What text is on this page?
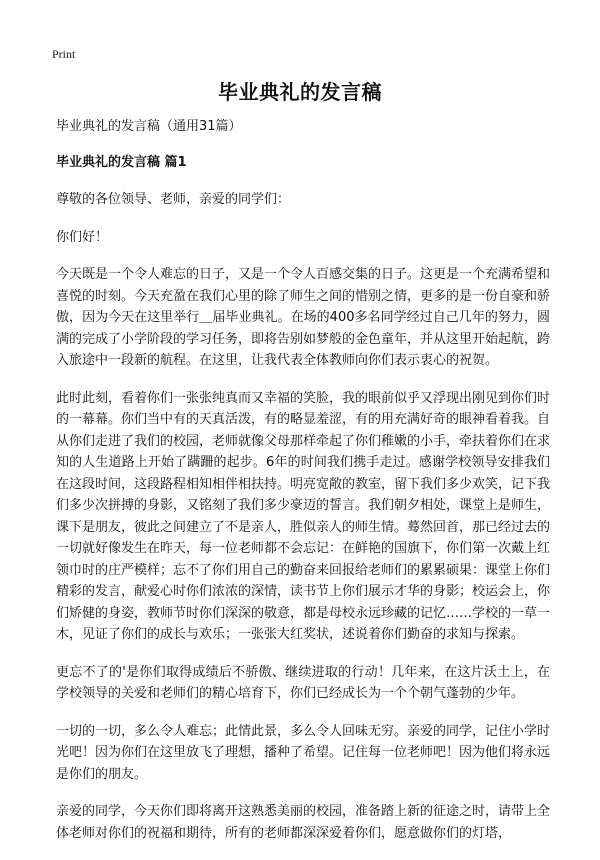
Print
毕业典礼的发言稿

毕业典礼的发言稿（通用31篇）

毕业典礼的发言稿 篇1

尊敬的各位领导、老师，亲爱的同学们：

你们好！

今天既是一个令人难忘的日子，又是一个令人百感交集的日子。这更是一个充满希望和喜悦的时刻。今天充盈在我们心里的除了师生之间的惜别之情，更多的是一份自豪和骄傲，因为今天在这里举行＿届毕业典礼。在场的400多名同学经过自己几年的努力，圆满的完成了小学阶段的学习任务，即将告别如梦般的金色童年，并从这里开始起航，跨入旅途中一段新的航程。在这里，让我代表全体教师向你们表示衷心的祝贺。

此时此刻，看着你们一张张纯真而又幸福的笑脸，我的眼前似乎又浮现出刚见到你们时的一幕幕。你们当中有的天真活泼，有的略显羞涩，有的用充满好奇的眼神看着我。自从你们走进了我们的校园，老师就像父母那样牵起了你们稚嫩的小手，牵扶着你们在求知的人生道路上开始了蹒跚的起步。6年的时间我们携手走过。感谢学校领导安排我们在这段时间，这段路程相知相伴相扶持。明亮宽敞的教室，留下我们多少欢笑，记下我们多少次拼搏的身影，又铭刻了我们多少豪迈的誓言。我们朝夕相处，课堂上是师生，课下是朋友，彼此之间建立了不是亲人，胜似亲人的师生情。蓦然回首，那已经过去的一切就好像发生在昨天，每一位老师都不会忘记：在鲜艳的国旗下，你们第一次戴上红领巾时的庄严模样；忘不了你们用自己的勤奋来回报给老师们的累累硕果：课堂上你们精彩的发言，献爱心时你们浓浓的深情，读书节上你们展示才华的身影；校运会上，你们矫健的身姿，教师节时你们深深的敬意，都是母校永远珍藏的记忆……学校的一草一木，见证了你们的成长与欢乐；一张张大红奖状，述说着你们勤奋的求知与探索。

更忘不了的'是你们取得成绩后不骄傲、继续进取的行动！几年来，在这片沃土上，在学校领导的关爱和老师们的精心培育下，你们已经成长为一个个朝气蓬勃的少年。

一切的一切，多么令人难忘；此情此景，多么令人回味无穷。亲爱的同学，记住小学时光吧！因为你们在这里放飞了理想，播种了希望。记住每一位老师吧！因为他们将永远是你们的朋友。

亲爱的同学，今天你们即将离开这熟悉美丽的校园，准备踏上新的征途之时，请带上全体老师对你们的祝福和期待，所有的老师都深深爱着你们，愿意做你们的灯塔，
